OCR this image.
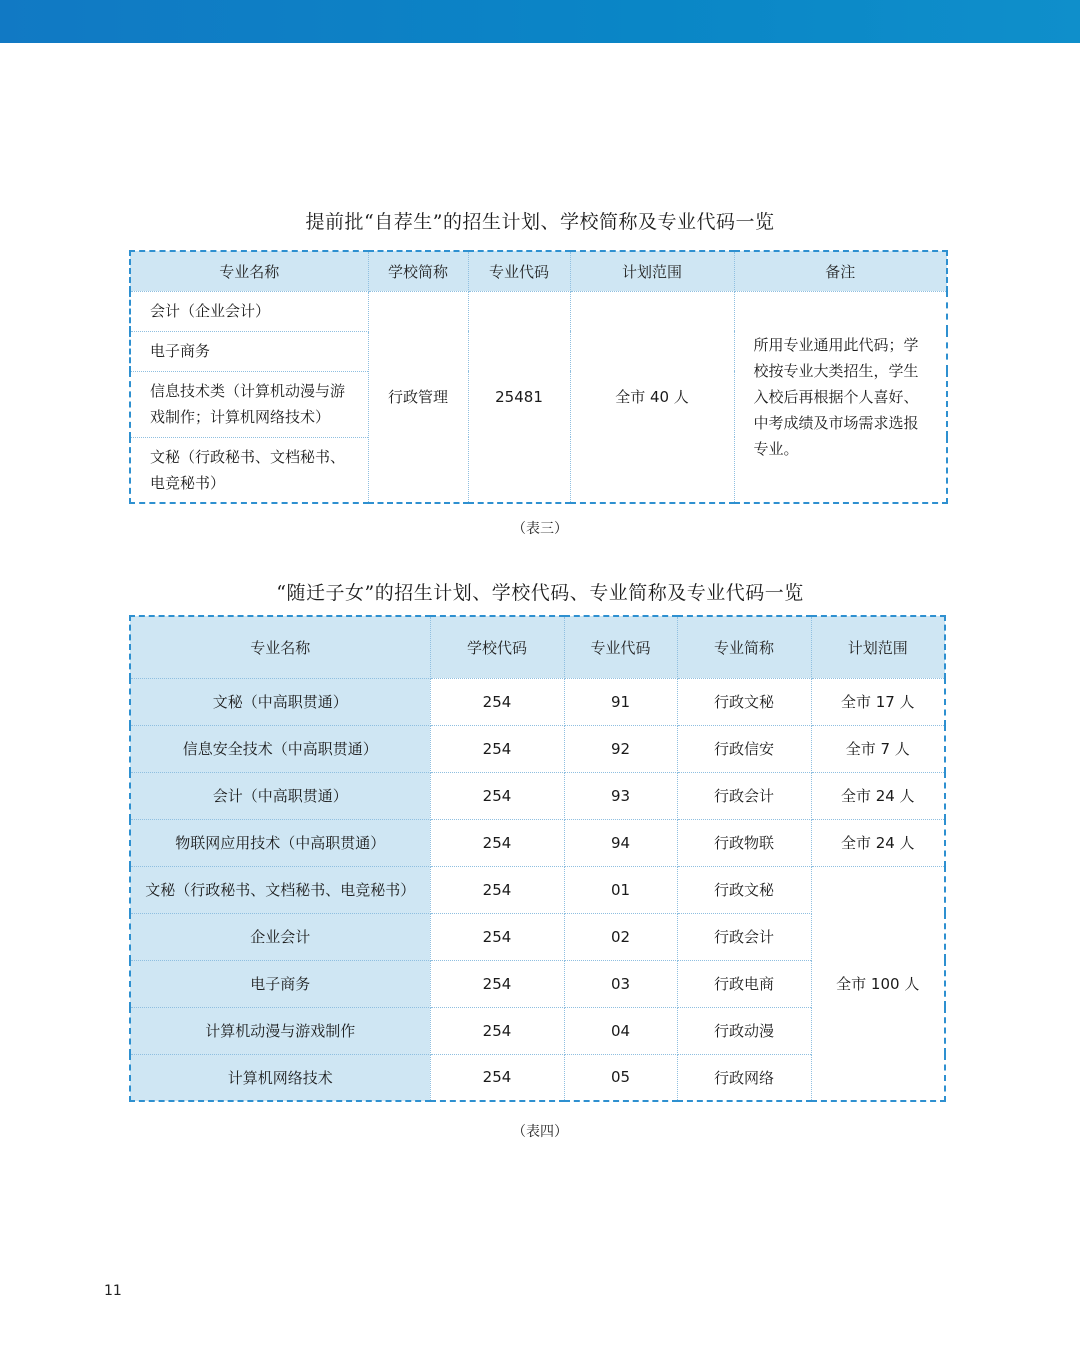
提前批“自荐生”的招生计划、学校简称及专业代码一览
专业名称	学校简称	专业代码	计划范围	备注
会计（企业会计）	行政管理	25481	全市 40 人	所用专业通用此代码；学校按专业大类招生，学生入校后再根据个人喜好、中考成绩及市场需求选报专业。
电子商务				
信息技术类（计算机动漫与游戏制作；计算机网络技术）				
文秘（行政秘书、文档秘书、电竞秘书）				
（表三）
“随迁子女”的招生计划、学校代码、专业简称及专业代码一览
专业名称	学校代码	专业代码	专业简称	计划范围
文秘（中高职贯通）	254	91	行政文秘	全市 17 人
信息安全技术（中高职贯通）	254	92	行政信安	全市 7 人
会计（中高职贯通）	254	93	行政会计	全市 24 人
物联网应用技术（中高职贯通）	254	94	行政物联	全市 24 人
文秘（行政秘书、文档秘书、电竞秘书）	254	01	行政文秘	全市 100 人
企业会计	254	02	行政会计	
电子商务	254	03	行政电商	
计算机动漫与游戏制作	254	04	行政动漫	
计算机网络技术	254	05	行政网络	
（表四）
11
